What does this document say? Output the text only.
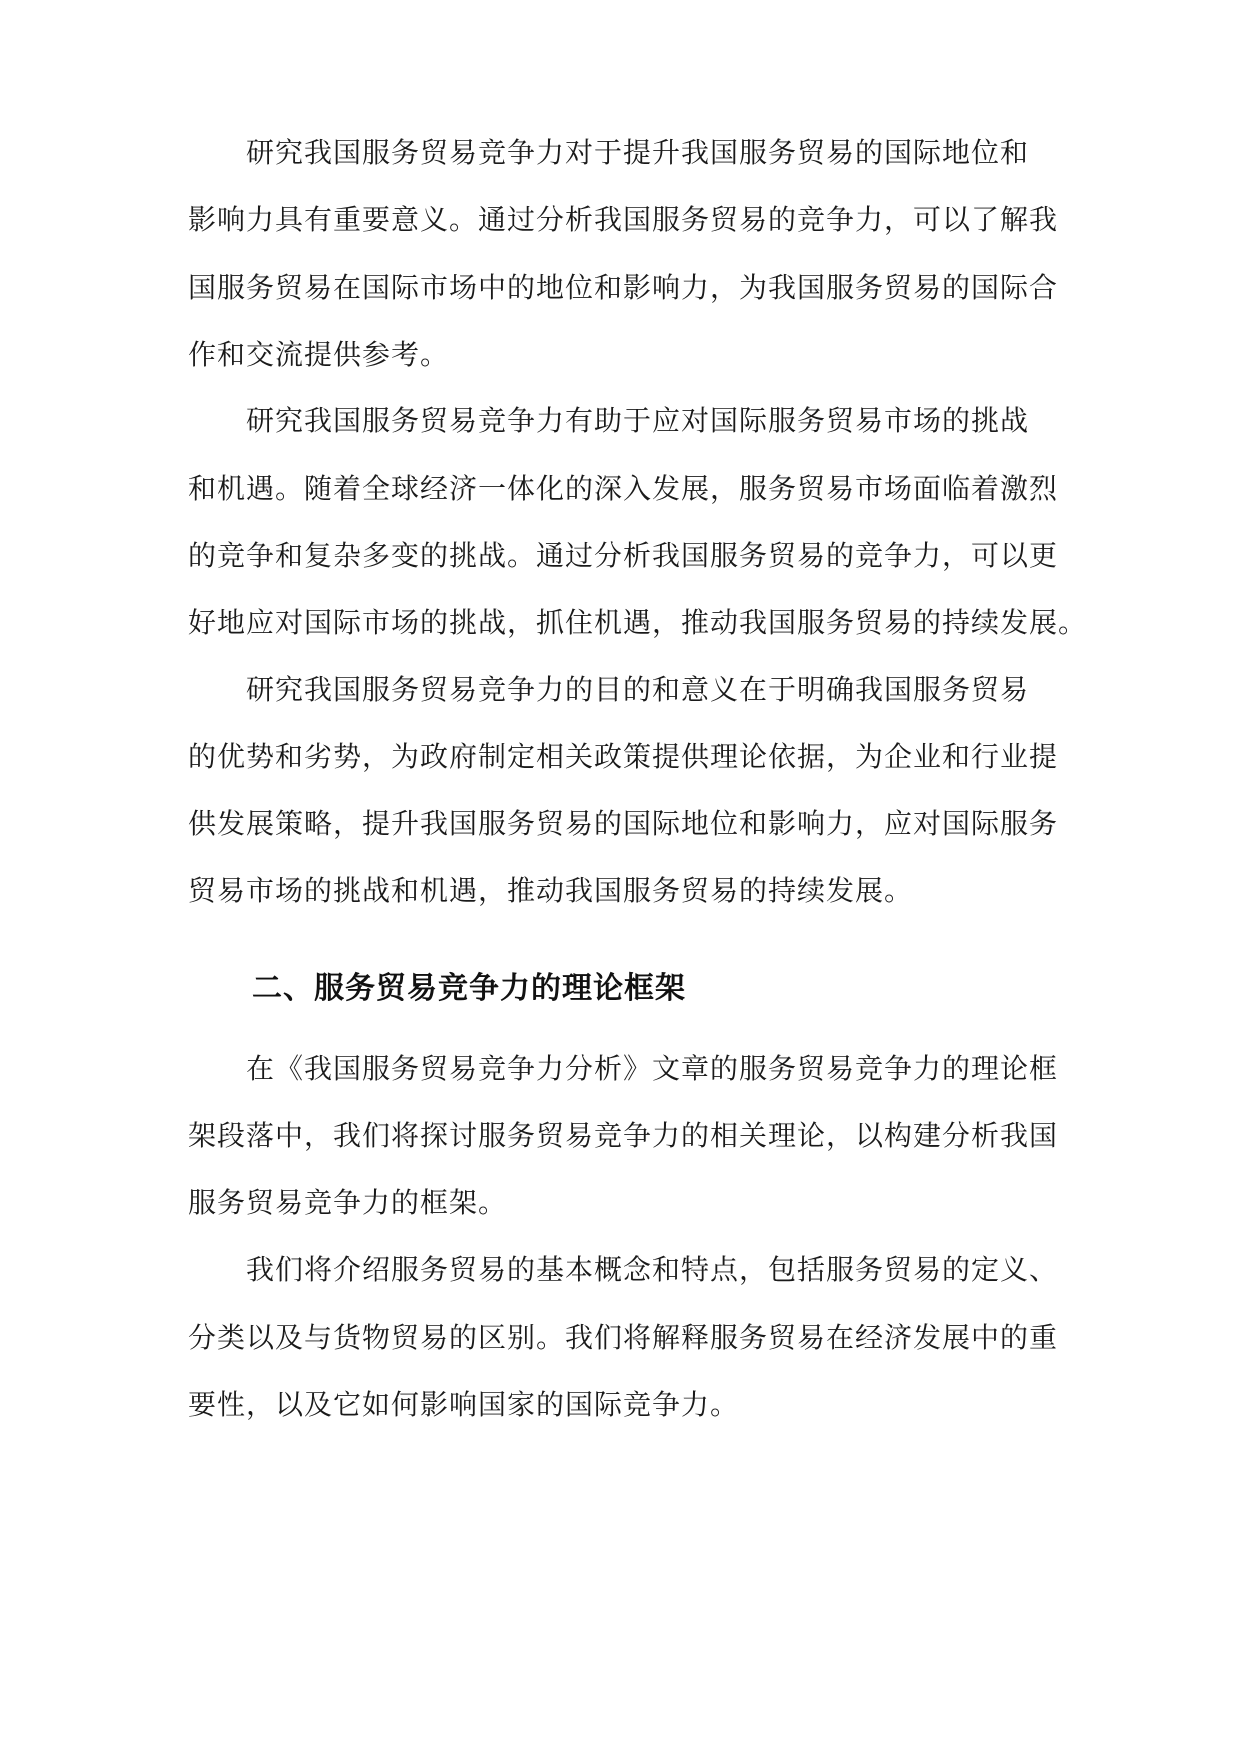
研究我国服务贸易竞争力对于提升我国服务贸易的国际地位和
影响力具有重要意义。通过分析我国服务贸易的竞争力，可以了解我
国服务贸易在国际市场中的地位和影响力，为我国服务贸易的国际合
作和交流提供参考。
研究我国服务贸易竞争力有助于应对国际服务贸易市场的挑战
和机遇。随着全球经济一体化的深入发展，服务贸易市场面临着激烈
的竞争和复杂多变的挑战。通过分析我国服务贸易的竞争力，可以更
好地应对国际市场的挑战，抓住机遇，推动我国服务贸易的持续发展。
研究我国服务贸易竞争力的目的和意义在于明确我国服务贸易
的优势和劣势，为政府制定相关政策提供理论依据，为企业和行业提
供发展策略，提升我国服务贸易的国际地位和影响力，应对国际服务
贸易市场的挑战和机遇，推动我国服务贸易的持续发展。
二、服务贸易竞争力的理论框架
在《我国服务贸易竞争力分析》文章的服务贸易竞争力的理论框
架段落中，我们将探讨服务贸易竞争力的相关理论，以构建分析我国
服务贸易竞争力的框架。
我们将介绍服务贸易的基本概念和特点，包括服务贸易的定义、
分类以及与货物贸易的区别。我们将解释服务贸易在经济发展中的重
要性，以及它如何影响国家的国际竞争力。
